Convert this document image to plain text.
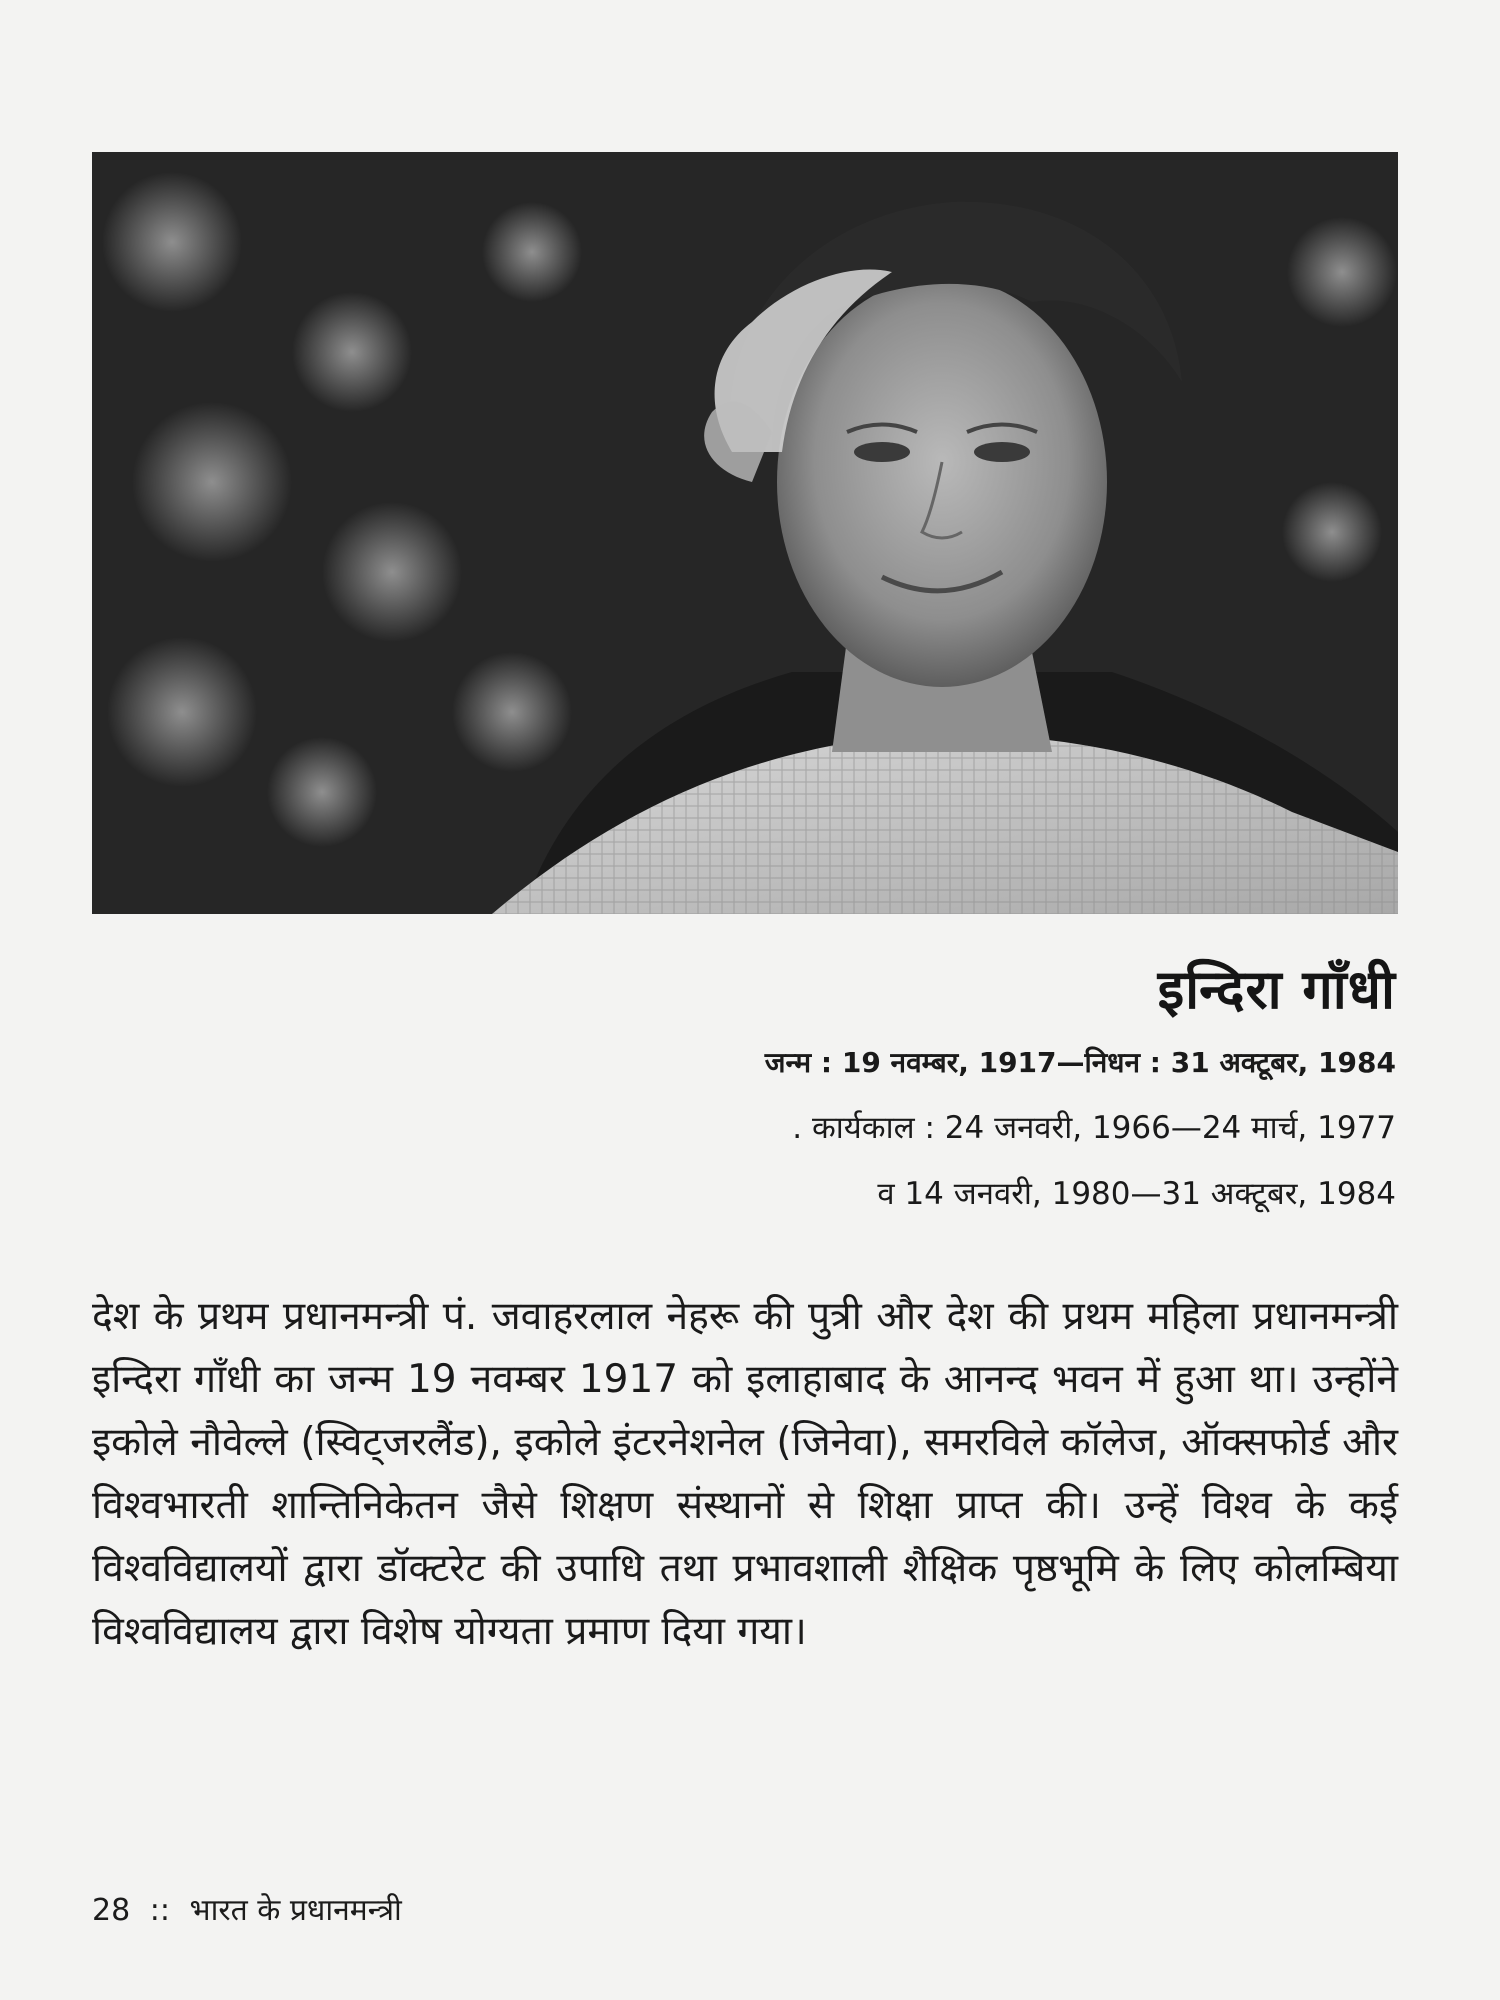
इन्दिरा गाँधी
जन्म : 19 नवम्बर, 1917—निधन : 31 अक्टूबर, 1984
. कार्यकाल : 24 जनवरी, 1966—24 मार्च, 1977
व 14 जनवरी, 1980—31 अक्टूबर, 1984

देश के प्रथम प्रधानमन्त्री पं. जवाहरलाल नेहरू की पुत्री और देश की प्रथम महिला प्रधानमन्त्री इन्दिरा गाँधी का जन्म 19 नवम्बर 1917 को इलाहाबाद के आनन्द भवन में हुआ था। उन्होंने इकोले नौवेल्ले (स्विट्जरलैंड), इकोले इंटरनेशनेल (जिनेवा), समरविले कॉलेज, ऑक्सफोर्ड और विश्वभारती शान्तिनिकेतन जैसे शिक्षण संस्थानों से शिक्षा प्राप्त की। उन्हें विश्व के कई विश्वविद्यालयों द्वारा डॉक्टरेट की उपाधि तथा प्रभावशाली शैक्षिक पृष्ठभूमि के लिए कोलम्बिया विश्वविद्यालय द्वारा विशेष योग्यता प्रमाण दिया गया।

28 :: भारत के प्रधानमन्त्री
